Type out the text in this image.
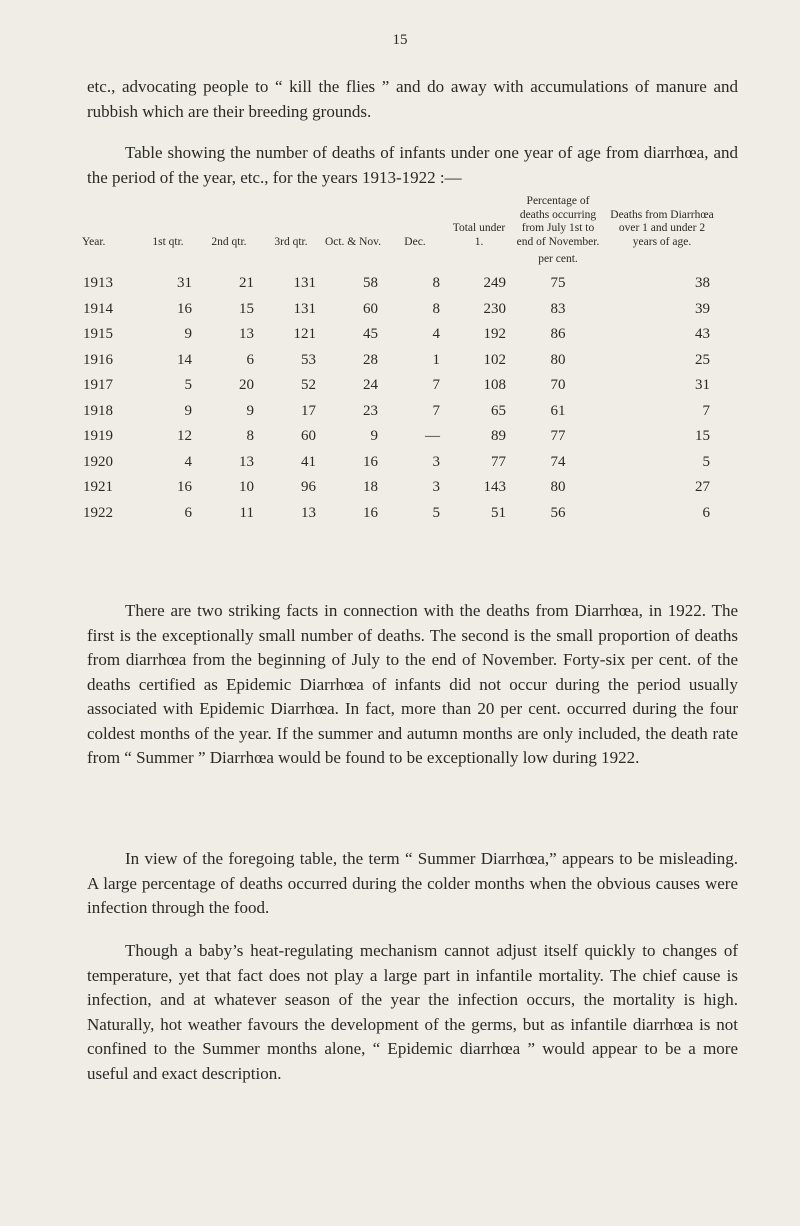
15

etc., advocating people to “ kill the flies ” and do away with accumulations of manure and rubbish which are their breeding grounds.

Table showing the number of deaths of infants under one year of age from diarrhœa, and the period of the year, etc., for the years 1913-1922 :—

Year.	1st qtr.	2nd qtr.	3rd qtr.	Oct. & Nov.	Dec.	Total under 1.	Percentage of deaths occurring from July 1st to end of November.	Deaths from Diarrhœa over 1 and under 2 years of age.
							per cent.	
1913	31	21	131	58	8	249	75	38
1914	16	15	131	60	8	230	83	39
1915	9	13	121	45	4	192	86	43
1916	14	6	53	28	1	102	80	25
1917	5	20	52	24	7	108	70	31
1918	9	9	17	23	7	65	61	7
1919	12	8	60	9	—	89	77	15
1920	4	13	41	16	3	77	74	5
1921	16	10	96	18	3	143	80	27
1922	6	11	13	16	5	51	56	6

There are two striking facts in connection with the deaths from Diarrhœa, in 1922. The first is the exceptionally small number of deaths. The second is the small proportion of deaths from diarrhœa from the beginning of July to the end of November. Forty-six per cent. of the deaths certified as Epidemic Diarrhœa of infants did not occur during the period usually associated with Epidemic Diarrhœa. In fact, more than 20 per cent. occurred during the four coldest months of the year. If the summer and autumn months are only included, the death rate from “ Summer ” Diarrhœa would be found to be exceptionally low during 1922.

In view of the foregoing table, the term “ Summer Diarrhœa,” appears to be misleading. A large percentage of deaths occurred during the colder months when the obvious causes were infection through the food.

Though a baby’s heat-regulating mechanism cannot adjust itself quickly to changes of temperature, yet that fact does not play a large part in infantile mortality. The chief cause is infection, and at whatever season of the year the infection occurs, the mortality is high. Naturally, hot weather favours the development of the germs, but as infantile diarrhœa is not confined to the Summer months alone, “ Epidemic diarrhœa ” would appear to be a more useful and exact description.
